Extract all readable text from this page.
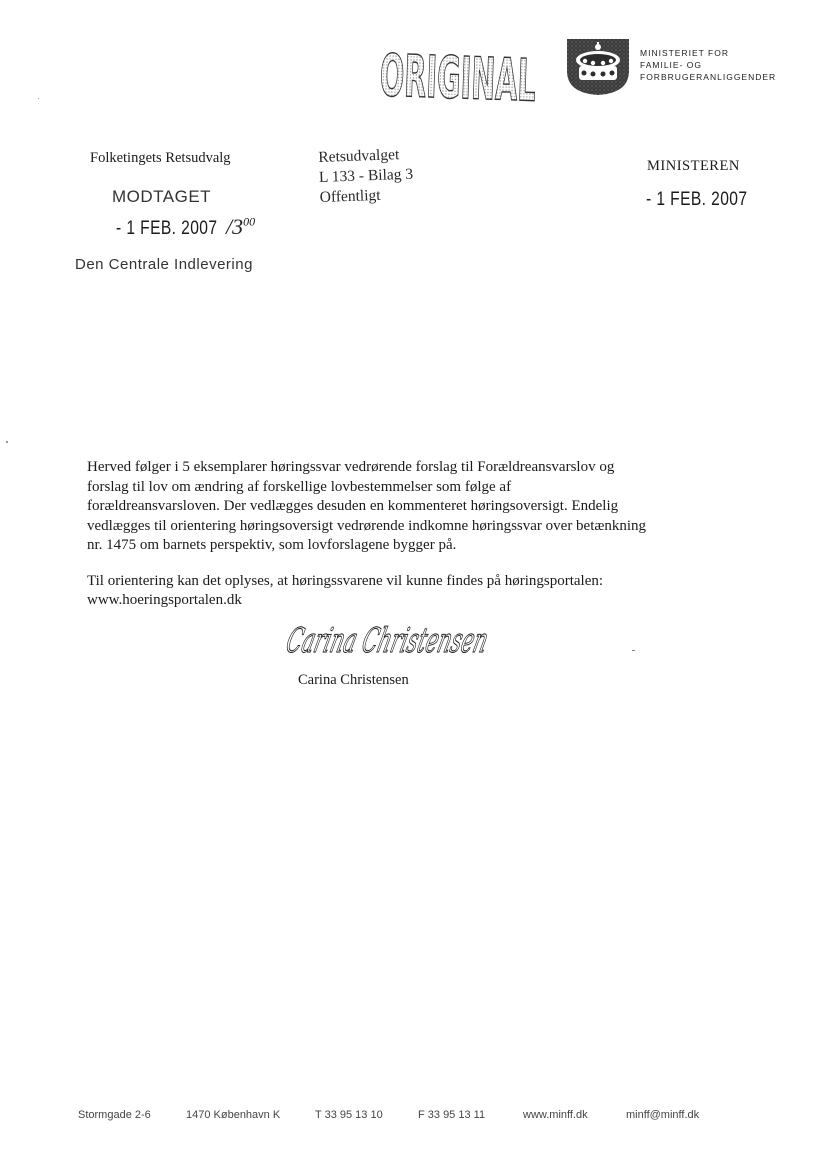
ORIGINAL
MINISTERIET FOR
FAMILIE- OG
FORBRUGERANLIGGENDER
Folketingets Retsudvalg
MODTAGET
- 1 FEB. 2007 $/3^{00}$
Den Centrale Indlevering
Retsudvalget
L 133 - Bilag 3
Offentligt
MINISTEREN
- 1 FEB. 2007

Herved følger i 5 eksemplarer høringssvar vedrørende forslag til Forældreansvarslov og forslag til lov om ændring af forskellige lovbestemmelser som følge af forældreansvarsloven. Der vedlægges desuden en kommenteret høringsoversigt. Endelig vedlægges til orientering høringsoversigt vedrørende indkomne høringssvar over betænkning nr. 1475 om barnets perspektiv, som lovforslagene bygger på.

Til orientering kan det oplyses, at høringssvarene vil kunne findes på høringsportalen:
www.hoeringsportalen.dk

Carina Christensen
Carina Christensen
Stormgade 2-6	1470 København K	T 33 95 13 10	F 33 95 13 11	www.minff.dk	minff@minff.dk
